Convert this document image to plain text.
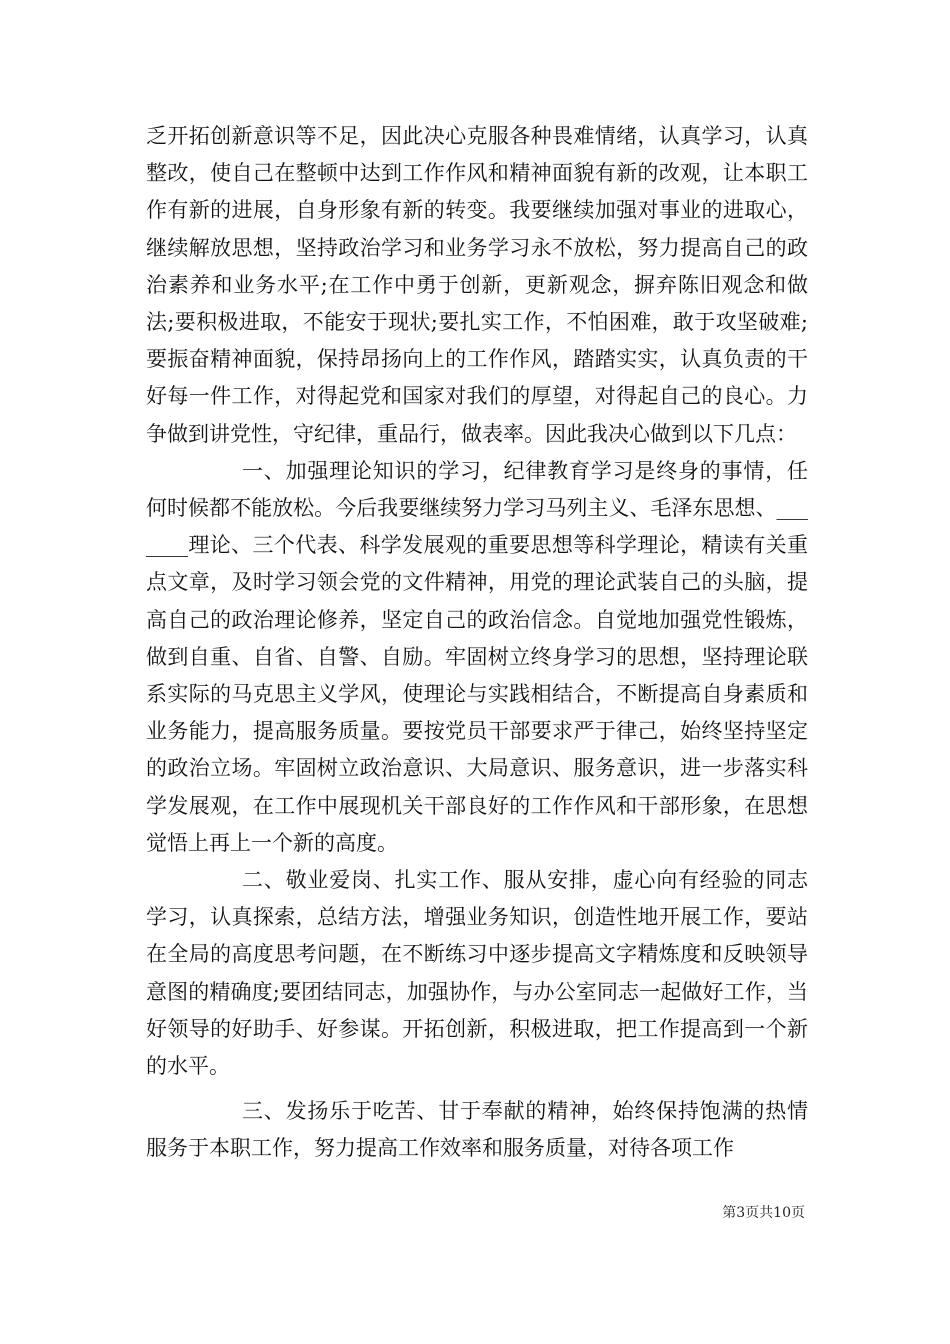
乏开拓创新意识等不足，因此决心克服各种畏难情绪，认真学习，认真整改，使自己在整顿中达到工作作风和精神面貌有新的改观，让本职工作有新的进展，自身形象有新的转变。我要继续加强对事业的进取心，继续解放思想，坚持政治学习和业务学习永不放松，努力提高自己的政治素养和业务水平;在工作中勇于创新，更新观念，摒弃陈旧观念和做法;要积极进取，不能安于现状;要扎实工作，不怕困难，敢于攻坚破难;要振奋精神面貌，保持昂扬向上的工作作风，踏踏实实，认真负责的干好每一件工作，对得起党和国家对我们的厚望，对得起自己的良心。力争做到讲党性，守纪律，重品行，做表率。因此我决心做到以下几点：

一、加强理论知识的学习，纪律教育学习是终身的事情，任何时候都不能放松。今后我要继续努力学习马列主义、毛泽东思想、_______理论、三个代表、科学发展观的重要思想等科学理论，精读有关重点文章，及时学习领会党的文件精神，用党的理论武装自己的头脑，提高自己的政治理论修养，坚定自己的政治信念。自觉地加强党性锻炼，做到自重、自省、自警、自励。牢固树立终身学习的思想，坚持理论联系实际的马克思主义学风，使理论与实践相结合，不断提高自身素质和业务能力，提高服务质量。要按党员干部要求严于律己，始终坚持坚定的政治立场。牢固树立政治意识、大局意识、服务意识，进一步落实科学发展观，在工作中展现机关干部良好的工作作风和干部形象，在思想觉悟上再上一个新的高度。

二、敬业爱岗、扎实工作、服从安排，虚心向有经验的同志学习，认真探索，总结方法，增强业务知识，创造性地开展工作，要站在全局的高度思考问题，在不断练习中逐步提高文字精炼度和反映领导意图的精确度;要团结同志，加强协作，与办公室同志一起做好工作，当好领导的好助手、好参谋。开拓创新，积极进取，把工作提高到一个新的水平。

三、发扬乐于吃苦、甘于奉献的精神，始终保持饱满的热情服务于本职工作，努力提高工作效率和服务质量，对待各项工作

第3页共10页
